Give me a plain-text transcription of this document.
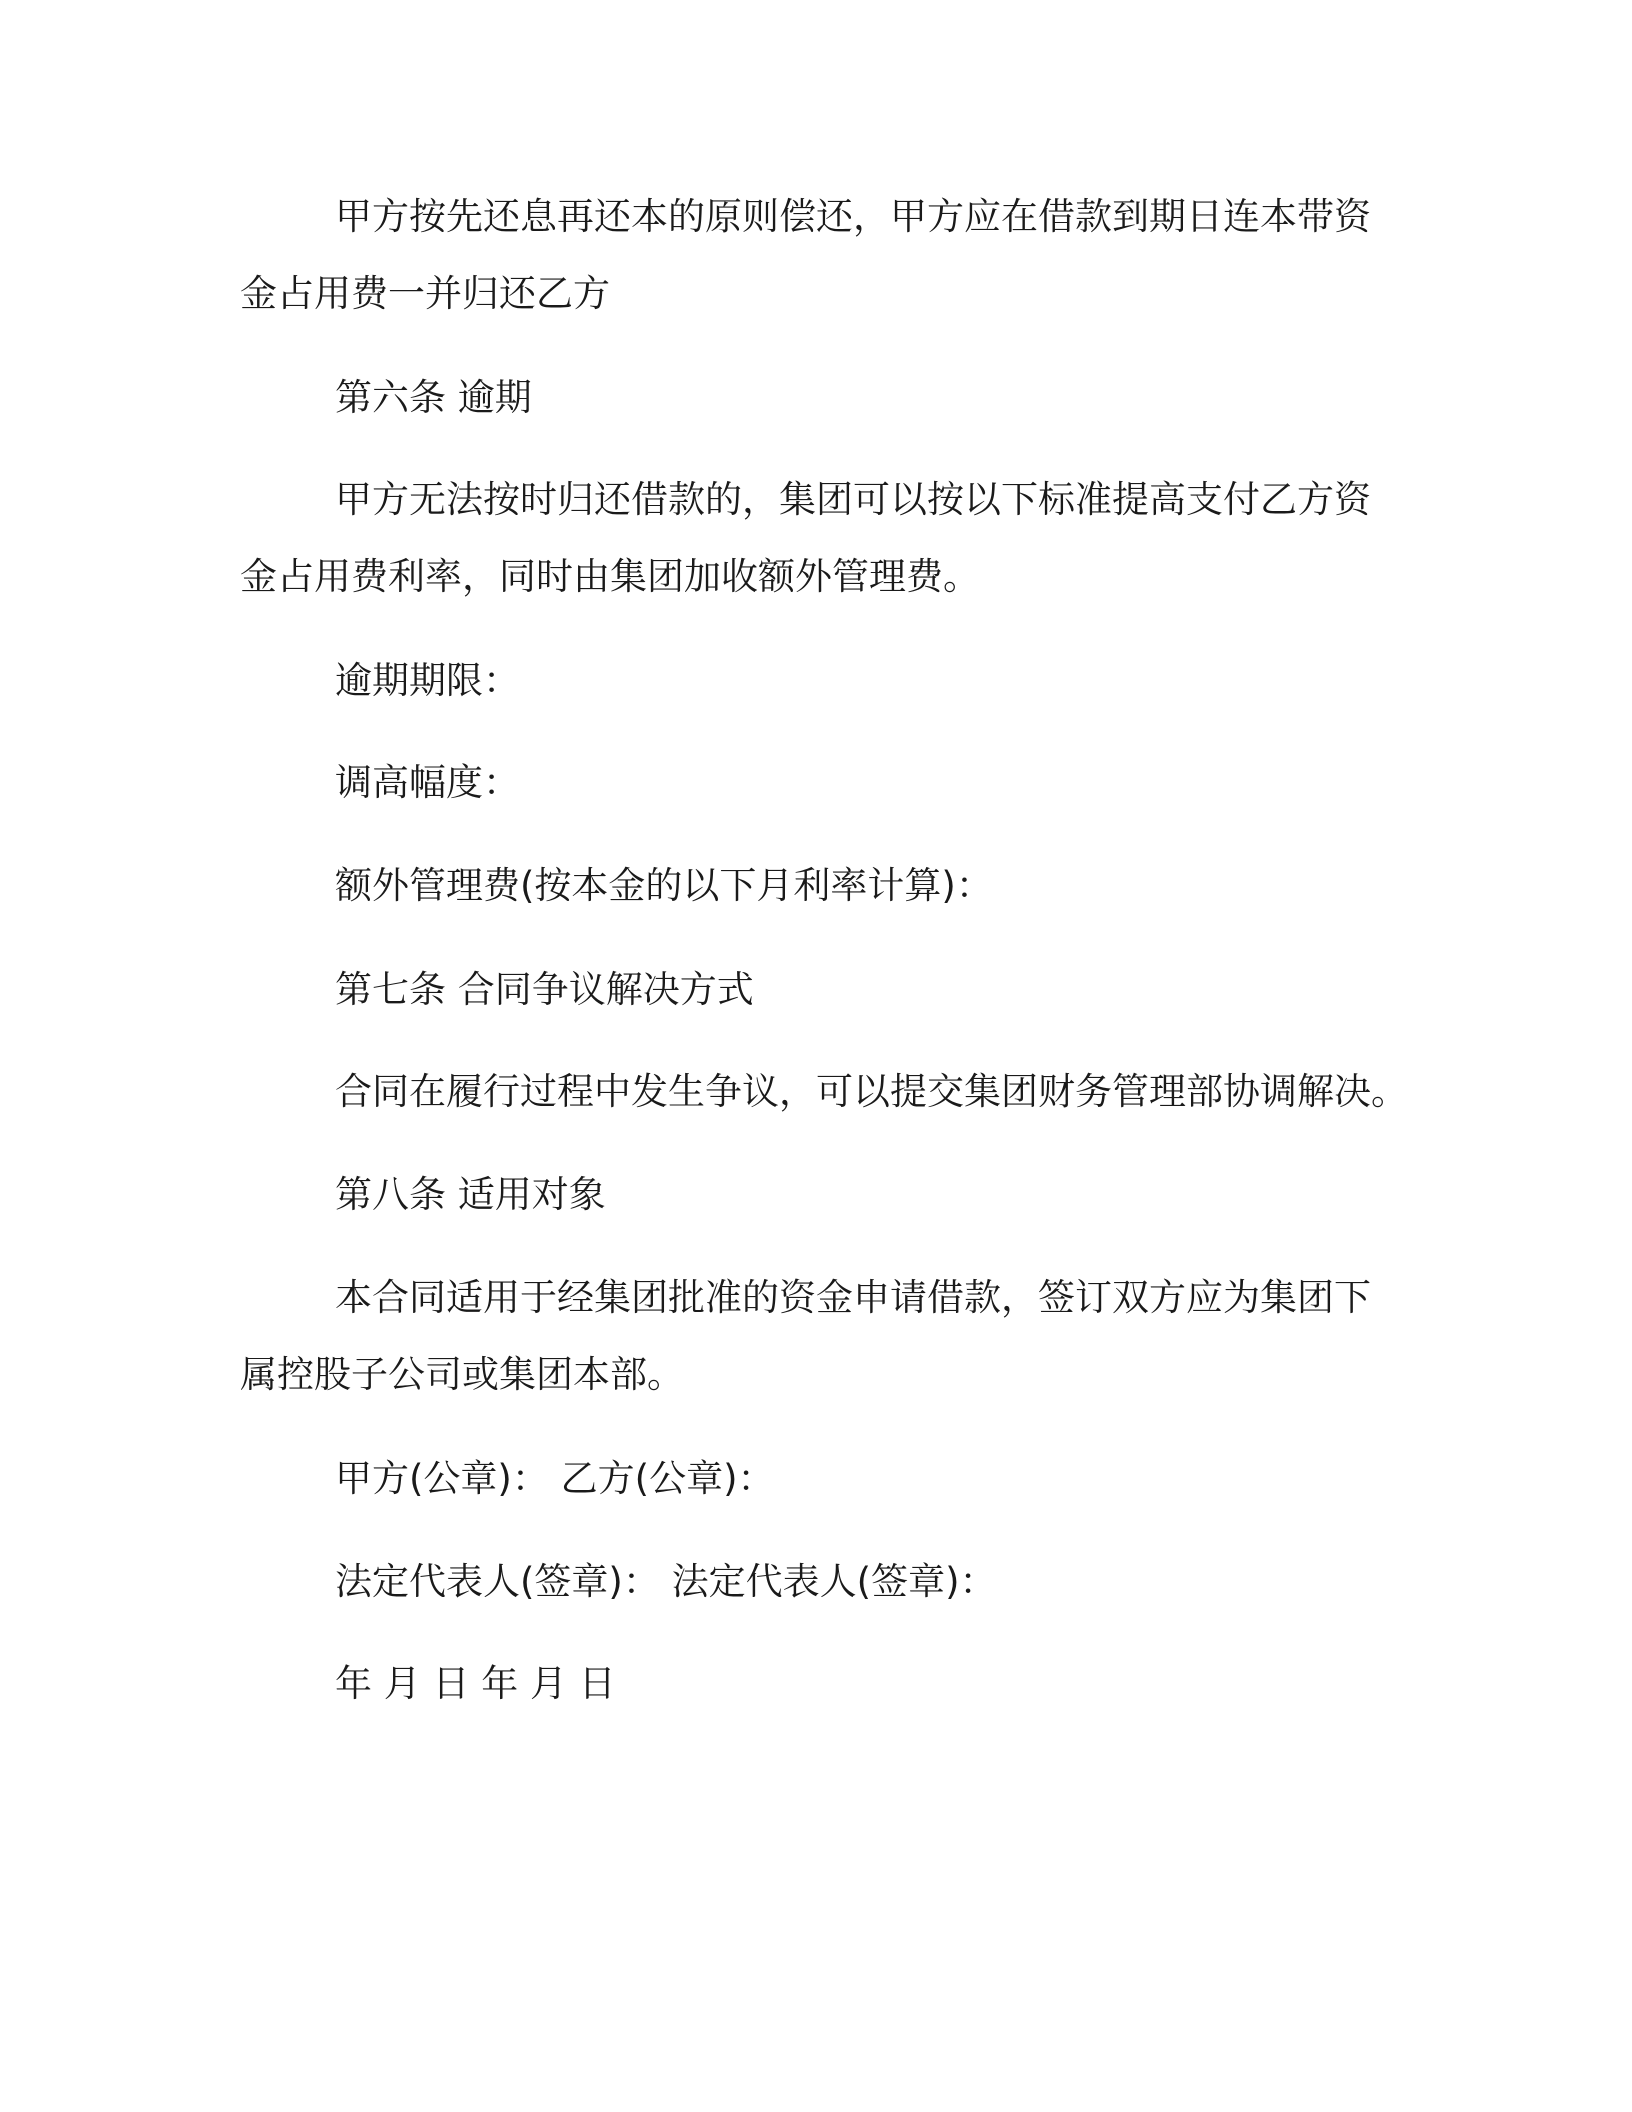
甲方按先还息再还本的原则偿还，甲方应在借款到期日连本带资
金占用费一并归还乙方
第六条 逾期
甲方无法按时归还借款的，集团可以按以下标准提高支付乙方资
金占用费利率，同时由集团加收额外管理费。
逾期期限：
调高幅度：
额外管理费(按本金的以下月利率计算)：
第七条 合同争议解决方式
合同在履行过程中发生争议，可以提交集团财务管理部协调解决。
第八条 适用对象
本合同适用于经集团批准的资金申请借款，签订双方应为集团下
属控股子公司或集团本部。
甲方(公章)： 乙方(公章)：
法定代表人(签章)： 法定代表人(签章)：
年 月 日 年 月 日
